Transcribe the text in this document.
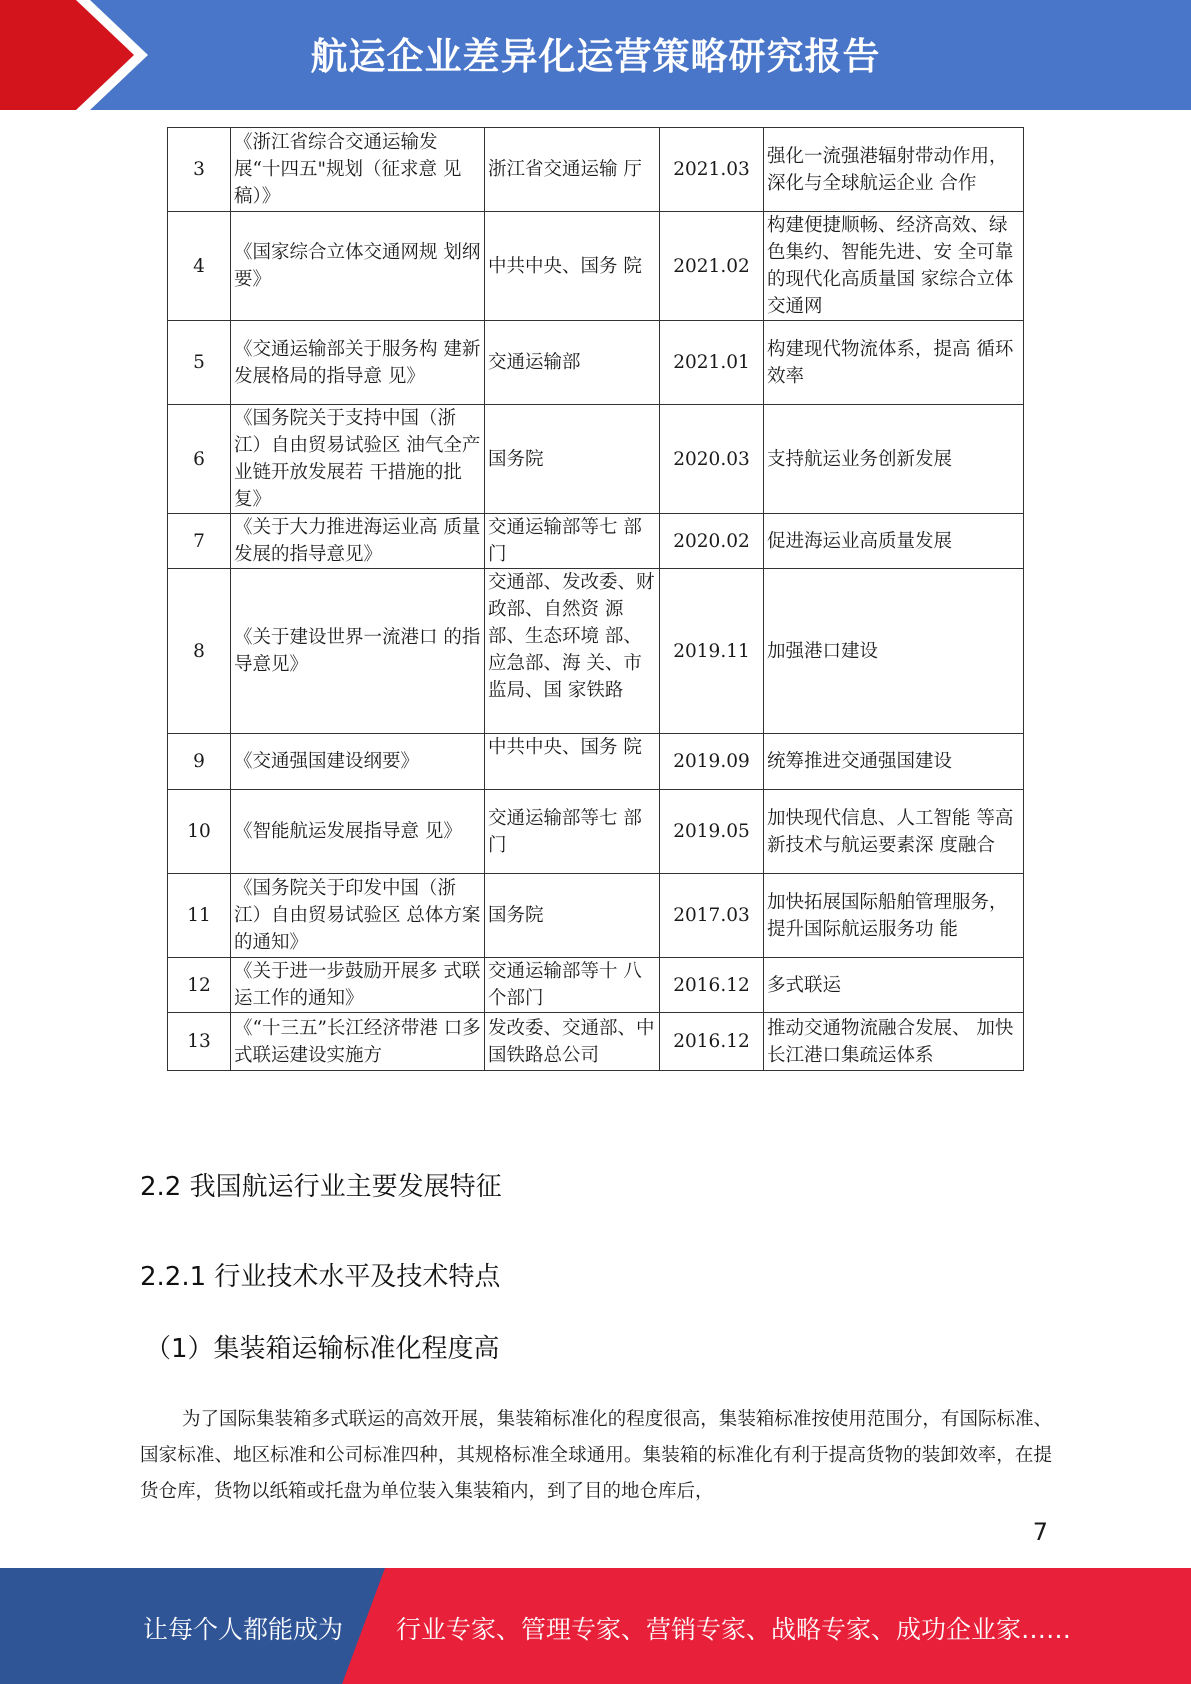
航运企业差异化运营策略研究报告
3	《浙江省综合交通运输发 展“十四五"规划（征求意 见稿）》	浙江省交通运输 厅	2021.03	强化一流强港辐射带动作用，深化与全球航运企业 合作
4	《国家综合立体交通网规 划纲要》	中共中央、国务 院	2021.02	构建便捷顺畅、经济高效、绿色集约、智能先进、安 全可靠的现代化高质量国 家综合立体交通网
5	《交通运输部关于服务构 建新发展格局的指导意 见》	交通运输部	2021.01	构建现代物流体系，提高 循环效率
6	《国务院关于支持中国（浙江）自由贸易试验区 油气全产业链开放发展若 干措施的批复》	国务院	2020.03	支持航运业务创新发展
7	《关于大力推进海运业高 质量发展的指导意见》	交通运输部等七 部门	2020.02	促进海运业高质量发展
8	《关于建设世界一流港口 的指导意见》	交通部、发改委、财政部、自然资 源部、生态环境 部、应急部、海 关、市监局、国 家铁路	2019.11	加强港口建设
9	《交通强国建设纲要》	中共中央、国务 院	2019.09	统筹推进交通强国建设
10	《智能航运发展指导意 见》	交通运输部等七 部门	2019.05	加快现代信息、人工智能 等高新技术与航运要素深 度融合
11	《国务院关于印发中国（浙江）自由贸易试验区 总体方案的通知》	国务院	2017.03	加快拓展国际船舶管理服务，提升国际航运服务功 能
12	《关于进一步鼓励开展多 式联运工作的通知》	交通运输部等十 八个部门	2016.12	多式联运
13	《“十三五”长江经济带港 口多式联运建设实施方	发改委、交通部、中国铁路总公司	2016.12	推动交通物流融合发展、 加快长江港口集疏运体系
2.2 我国航运行业主要发展特征
2.2.1 行业技术水平及技术特点
（1）集装箱运输标准化程度高

为了国际集装箱多式联运的高效开展，集装箱标准化的程度很高，集装箱标准按使用范围分，有国际标准、国家标准、地区标准和公司标准四种，其规格标准全球通用。集装箱的标准化有利于提高货物的装卸效率，在提货仓库，货物以纸箱或托盘为单位装入集装箱内，到了目的地仓库后，

7
让每个人都能成为 行业专家、管理专家、营销专家、战略专家、成功企业家……
